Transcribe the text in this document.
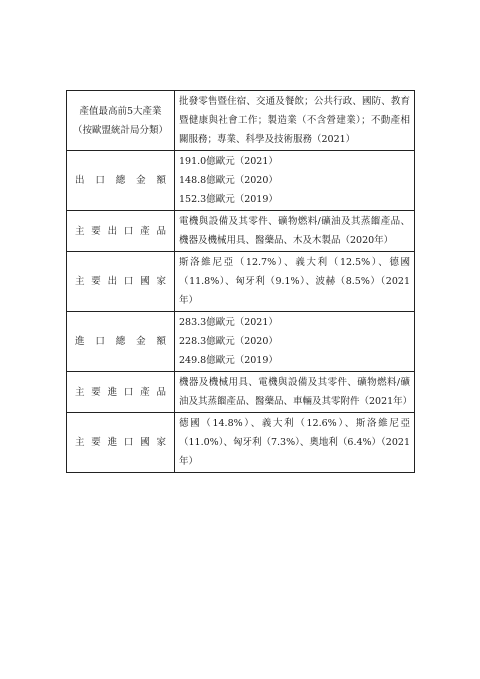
產值最高前5大產業
（按歐盟統計局分類）	批發零售暨住宿、交通及餐飲；公共行政、國防、教育暨健康與社會工作；製造業（不含營建業）；不動產相關服務；專業、科學及技術服務（2021）

出口總金額	191.0億歐元（2021）
148.8億歐元（2020）
152.3億歐元（2019）

主要出口產品	電機與設備及其零件、礦物燃料/礦油及其蒸餾產品、機器及機械用具、醫藥品、木及木製品（2020年）

主要出口國家	斯洛維尼亞（12.7%）、義大利（12.5%）、德國（11.8%）、匈牙利（9.1%）、波赫（8.5%）（2021年）

進口總金額	283.3億歐元（2021）
228.3億歐元（2020）
249.8億歐元（2019）

主要進口產品	機器及機械用具、電機與設備及其零件、礦物燃料/礦油及其蒸餾產品、醫藥品、車輛及其零附件（2021年）

主要進口國家	德國（14.8%）、義大利（12.6%）、斯洛維尼亞（11.0%）、匈牙利（7.3%）、奧地利（6.4%）（2021年）
